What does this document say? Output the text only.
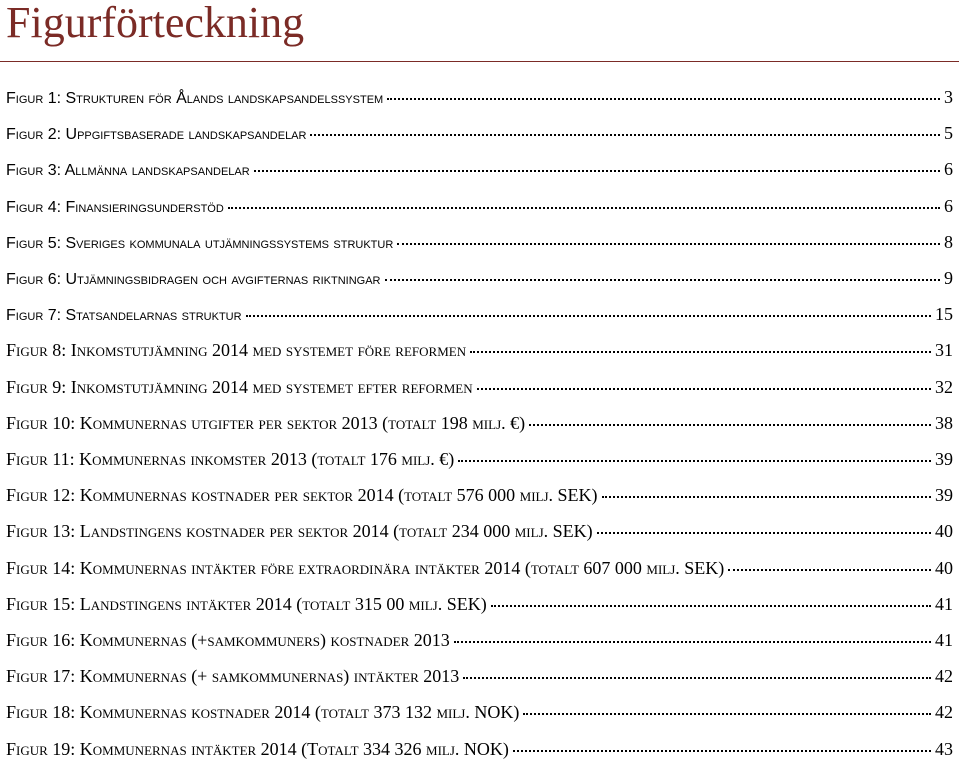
Figurförteckning
Figur 1: Strukturen för Ålands landskapsandelssystem	3
Figur 2: Uppgiftsbaserade landskapsandelar	5
Figur 3: Allmänna landskapsandelar	6
Figur 4: Finansieringsunderstöd	6
Figur 5: Sveriges kommunala utjämningssystems struktur	8
Figur 6: Utjämningsbidragen och avgifternas riktningar	9
Figur 7: Statsandelarnas struktur	15
Figur 8: Inkomstutjämning 2014 med systemet före reformen	31
Figur 9: Inkomstutjämning 2014 med systemet efter reformen	32
Figur 10: Kommunernas utgifter per sektor 2013 (totalt 198 milj. €)	38
Figur 11: Kommunernas inkomster 2013 (totalt 176 milj. €)	39
Figur 12: Kommunernas kostnader per sektor 2014 (totalt 576 000 milj. SEK)	39
Figur 13: Landstingens kostnader per sektor 2014 (totalt 234 000 milj. SEK)	40
Figur 14: Kommunernas intäkter före extraordinära intäkter 2014 (totalt 607 000 milj. SEK)	40
Figur 15: Landstingens intäkter 2014 (totalt 315 00 milj. SEK)	41
Figur 16: Kommunernas (+samkommuners) kostnader 2013	41
Figur 17: Kommunernas (+ samkommunernas) intäkter 2013	42
Figur 18: Kommunernas kostnader 2014 (totalt 373 132 milj. NOK)	42
Figur 19: Kommunernas intäkter 2014 (Totalt 334 326 milj. NOK)	43
